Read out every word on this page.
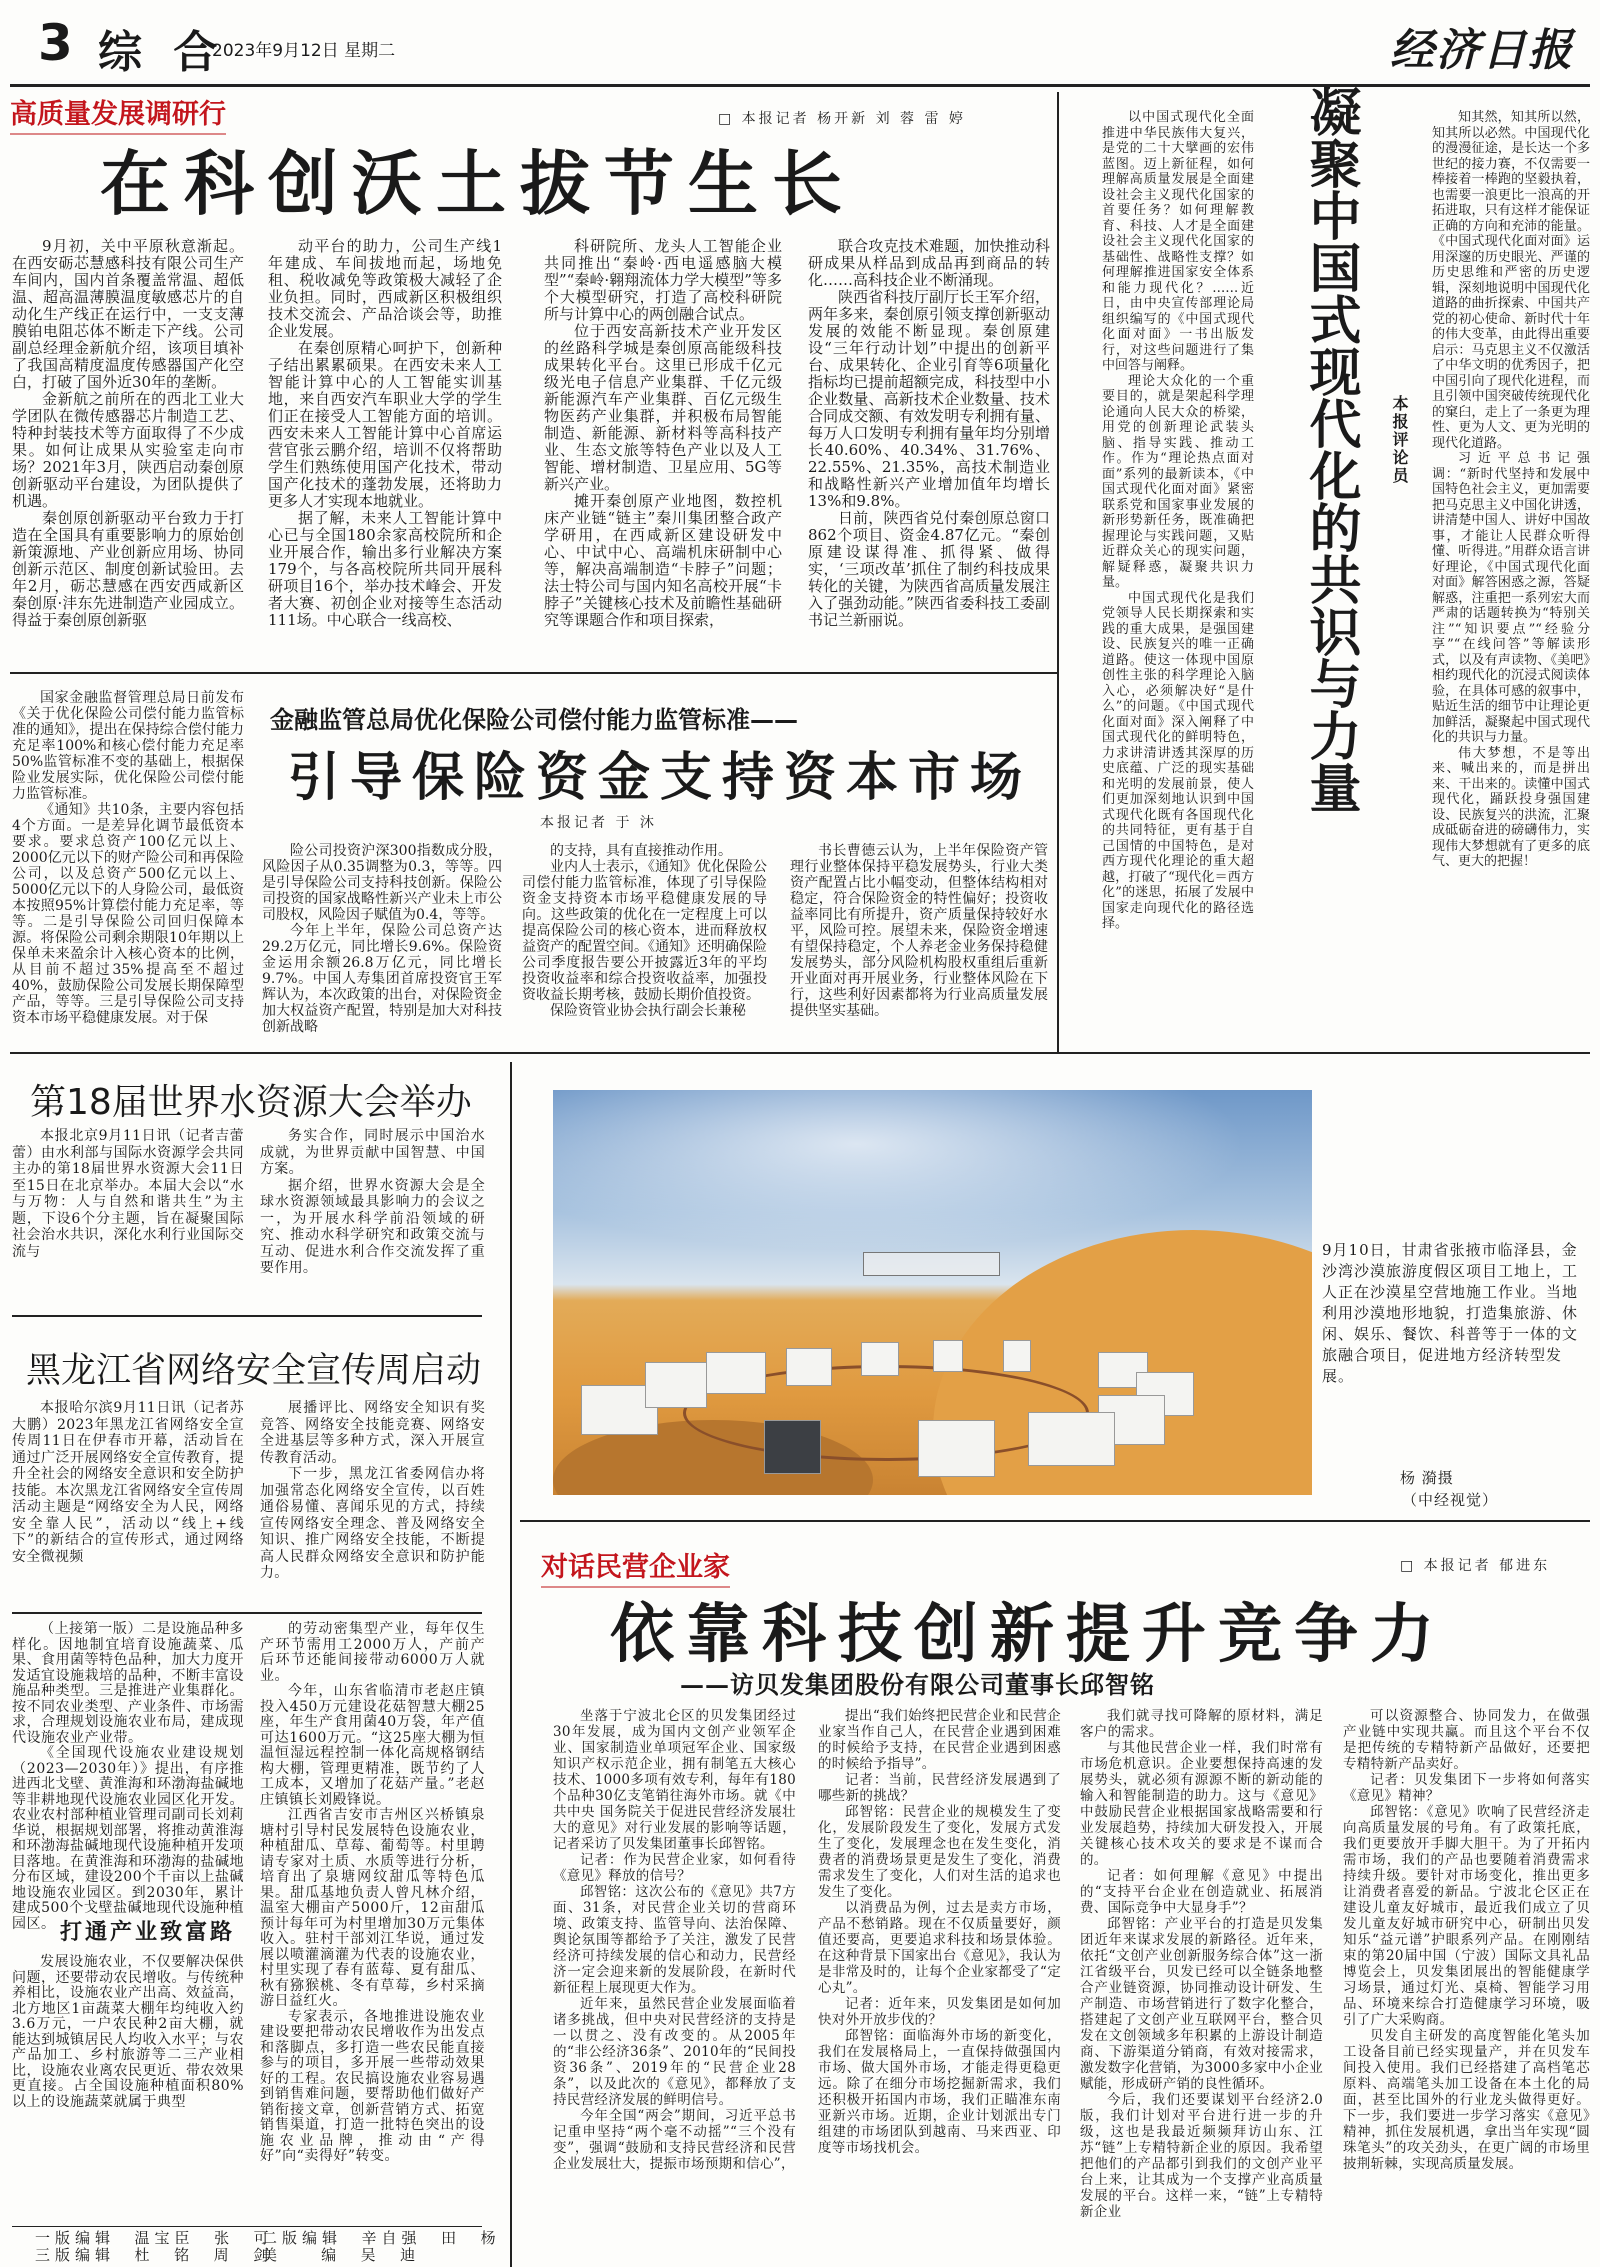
3 综 合
2023年9月12日 星期二	经济日报
高质量发展调研行	□ 本报记者 杨开新 刘 蓉 雷 婷
在科创沃土拔节生长

9月初，关中平原秋意渐起。在西安砺芯慧感科技有限公司生产车间内，国内首条覆盖常温、超低温、超高温薄膜温度敏感芯片的自动化生产线正在运行中，一支支薄膜铂电阻芯体不断走下产线。公司副总经理金新航介绍，该项目填补了我国高精度温度传感器国产化空白，打破了国外近30年的垄断。

金新航之前所在的西北工业大学团队在微传感器芯片制造工艺、特种封装技术等方面取得了不少成果。如何让成果从实验室走向市场？2021年3月，陕西启动秦创原创新驱动平台建设，为团队提供了机遇。

秦创原创新驱动平台致力于打造在全国具有重要影响力的原始创新策源地、产业创新应用场、协同创新示范区、制度创新试验田。去年2月，砺芯慧感在西安西咸新区秦创原·沣东先进制造产业园成立。得益于秦创原创新驱

动平台的助力，公司生产线1年建成、车间拔地而起，场地免租、税收减免等政策极大减轻了企业负担。同时，西咸新区积极组织技术交流会、产品洽谈会等，助推企业发展。

在秦创原精心呵护下，创新种子结出累累硕果。在西安未来人工智能计算中心的人工智能实训基地，来自西安汽车职业大学的学生们正在接受人工智能方面的培训。西安未来人工智能计算中心首席运营官张云鹏介绍，培训不仅将帮助学生们熟练使用国产化技术，带动国产化技术的蓬勃发展，还将助力更多人才实现本地就业。

据了解，未来人工智能计算中心已与全国180余家高校院所和企业开展合作，输出多行业解决方案179个，与各高校院所共同开展科研项目16个，举办技术峰会、开发者大赛、初创企业对接等生态活动111场。中心联合一线高校、

科研院所、龙头人工智能企业共同推出“秦岭·西电遥感脑大模型”“秦岭·翱翔流体力学大模型”等多个大模型研究，打造了高校科研院所与计算中心的两创融合试点。

位于西安高新技术产业开发区的丝路科学城是秦创原高能级科技成果转化平台。这里已形成千亿元级光电子信息产业集群、千亿元级新能源汽车产业集群、百亿元级生物医药产业集群，并积极布局智能制造、新能源、新材料等高科技产业、生态文旅等特色产业以及人工智能、增材制造、卫星应用、5G等新兴产业。

摊开秦创原产业地图，数控机床产业链“链主”秦川集团整合政产学研用，在西咸新区建设研发中心、中试中心、高端机床研制中心等，解决高端制造“卡脖子”问题；法士特公司与国内知名高校开展“卡脖子”关键核心技术及前瞻性基础研究等课题合作和项目探索，

联合攻克技术难题，加快推动科研成果从样品到成品再到商品的转化……高科技企业不断涌现。

陕西省科技厅副厅长王军介绍，两年多来，秦创原引领支撑创新驱动发展的效能不断显现。秦创原建设“三年行动计划”中提出的创新平台、成果转化、企业引育等6项量化指标均已提前超额完成，科技型中小企业数量、高新技术企业数量、技术合同成交额、有效发明专利拥有量、每万人口发明专利拥有量年均分别增长40.60%、40.34%、31.76%、22.55%、21.35%，高技术制造业和战略性新兴产业增加值年均增长13%和9.8%。

日前，陕西省兑付秦创原总窗口862个项目、资金4.87亿元。“秦创原建设谋得准、抓得紧、做得实，‘三项改革’抓住了制约科技成果转化的关键，为陕西省高质量发展注入了强劲动能。”陕西省委科技工委副书记兰新丽说。

以中国式现代化全面推进中华民族伟大复兴，是党的二十大擘画的宏伟蓝图。迈上新征程，如何理解高质量发展是全面建设社会主义现代化国家的首要任务？如何理解教育、科技、人才是全面建设社会主义现代化国家的基础性、战略性支撑？如何理解推进国家安全体系和能力现代化？……近日，由中央宣传部理论局组织编写的《中国式现代化面对面》一书出版发行，对这些问题进行了集中回答与阐释。

理论大众化的一个重要目的，就是架起科学理论通向人民大众的桥梁，用党的创新理论武装头脑、指导实践、推动工作。作为“理论热点面对面”系列的最新读本，《中国式现代化面对面》紧密联系党和国家事业发展的新形势新任务，既准确把握理论与实践问题，又贴近群众关心的现实问题，解疑释惑，凝聚共识力量。

中国式现代化是我们党领导人民长期探索和实践的重大成果，是强国建设、民族复兴的唯一正确道路。使这一体现中国原创性主张的科学理论入脑入心，必须解决好“是什么”的问题。《中国式现代化面对面》深入阐释了中国式现代化的鲜明特色，力求讲清讲透其深厚的历史底蕴、广泛的现实基础和光明的发展前景，使人们更加深刻地认识到中国式现代化既有各国现代化的共同特征，更有基于自己国情的中国特色，是对西方现代化理论的重大超越，打破了“现代化＝西方化”的迷思，拓展了发展中国家走向现代化的路径选择。

凝聚中国式现代化的共识与力量 本报评论员

知其然，知其所以然，知其所以必然。中国现代化的漫漫征途，是长达一个多世纪的接力赛，不仅需要一棒接着一棒跑的坚毅执着，也需要一浪更比一浪高的开拓进取，只有这样才能保证正确的方向和充沛的能量。《中国式现代化面对面》运用深邃的历史眼光、严谨的历史思维和严密的历史逻辑，深刻地说明中国现代化道路的曲折探索、中国共产党的初心使命、新时代十年的伟大变革，由此得出重要启示：马克思主义不仅激活了中华文明的优秀因子，把中国引向了现代化进程，而且引领中国突破传统现代化的窠臼，走上了一条更为理性、更为人文、更为光明的现代化道路。

习近平总书记强调：“新时代坚持和发展中国特色社会主义，更加需要把马克思主义中国化讲透，讲清楚中国人、讲好中国故事，才能让人民群众听得懂、听得进。”用群众语言讲好理论，《中国式现代化面对面》解答困惑之源，答疑解惑，注重把一系列宏大而严肃的话题转换为“特别关注”“知识要点”“经验分享”“在线问答”等解读形式，以及有声读物、《美吧》相约现代化的沉浸式阅读体验，在具体可感的叙事中，贴近生活的细节中让理论更加鲜活，凝聚起中国式现代化的共识与力量。

伟大梦想，不是等出来、喊出来的，而是拼出来、干出来的。读懂中国式现代化，踊跃投身强国建设、民族复兴的洪流，汇聚成砥砺奋进的磅礴伟力，实现伟大梦想就有了更多的底气、更大的把握！

国家金融监督管理总局日前发布《关于优化保险公司偿付能力监管标准的通知》，提出在保持综合偿付能力充足率100%和核心偿付能力充足率50%监管标准不变的基础上，根据保险业发展实际，优化保险公司偿付能力监管标准。

《通知》共10条，主要内容包括4个方面。一是差异化调节最低资本要求。要求总资产100亿元以上、2000亿元以下的财产险公司和再保险公司，以及总资产500亿元以上、5000亿元以下的人身险公司，最低资本按照95%计算偿付能力充足率，等等。二是引导保险公司回归保障本源。将保险公司剩余期限10年期以上保单未来盈余计入核心资本的比例，从目前不超过35%提高至不超过40%，鼓励保险公司发展长期保障型产品，等等。三是引导保险公司支持资本市场平稳健康发展。对于保

金融监管总局优化保险公司偿付能力监管标准——
引导保险资金支持资本市场
本报记者 于 沐

险公司投资沪深300指数成分股，风险因子从0.35调整为0.3，等等。四是引导保险公司支持科技创新。保险公司投资的国家战略性新兴产业未上市公司股权，风险因子赋值为0.4，等等。

今年上半年，保险公司总资产达29.2万亿元，同比增长9.6%。保险资金运用余额26.8万亿元，同比增长9.7%。中国人寿集团首席投资官王军辉认为，本次政策的出台，对保险资金加大权益资产配置，特别是加大对科技创新战略

的支持，具有直接推动作用。

业内人士表示，《通知》优化保险公司偿付能力监管标准，体现了引导保险资金支持资本市场平稳健康发展的导向。这些政策的优化在一定程度上可以提高保险公司的核心资本，进而释放权益资产的配置空间。《通知》还明确保险公司季度报告要公开披露近3年的平均投资收益率和综合投资收益率，加强投资收益长期考核，鼓励长期价值投资。

保险资管业协会执行副会长兼秘

书长曹德云认为，上半年保险资产管理行业整体保持平稳发展势头，行业大类资产配置占比小幅变动，但整体结构相对稳定，符合保险资金的特性偏好；投资收益率同比有所提升，资产质量保持较好水平，风险可控。展望未来，保险资金增速有望保持稳定，个人养老金业务保持稳健发展势头，部分风险机构股权重组后重新开业面对再开展业务，行业整体风险在下行，这些利好因素都将为行业高质量发展提供坚实基础。

第18届世界水资源大会举办

本报北京9月11日讯（记者吉蕾蕾）由水利部与国际水资源学会共同主办的第18届世界水资源大会11日至15日在北京举办。本届大会以“水与万物：人与自然和谐共生”为主题，下设6个分主题，旨在凝聚国际社会治水共识，深化水利行业国际交流与

务实合作，同时展示中国治水成就，为世界贡献中国智慧、中国方案。

据介绍，世界水资源大会是全球水资源领域最具影响力的会议之一，为开展水科学前沿领域的研究、推动水科学研究和政策交流与互动、促进水利合作交流发挥了重要作用。

黑龙江省网络安全宣传周启动

本报哈尔滨9月11日讯（记者苏大鹏）2023年黑龙江省网络安全宣传周11日在伊春市开幕，活动旨在通过广泛开展网络安全宣传教育，提升全社会的网络安全意识和安全防护技能。本次黑龙江省网络安全宣传周活动主题是“网络安全为人民，网络安全靠人民”，活动以“线上+线下”的新结合的宣传形式，通过网络安全微视频

展播评比、网络安全知识有奖竞答、网络安全技能竞赛、网络安全进基层等多种方式，深入开展宣传教育活动。

下一步，黑龙江省委网信办将加强常态化网络安全宣传，以百姓通俗易懂、喜闻乐见的方式，持续宣传网络安全理念、普及网络安全知识、推广网络安全技能，不断提高人民群众网络安全意识和防护能力。

9月10日，甘肃省张掖市临泽县，金沙湾沙漠旅游度假区项目工地上，工人正在沙漠星空营地施工作业。当地利用沙漠地形地貌，打造集旅游、休闲、娱乐、餐饮、科普等于一体的文旅融合项目，促进地方经济转型发展。
杨 漪摄
（中经视觉）

（上接第一版）二是设施品种多样化。因地制宜培育设施蔬菜、瓜果、食用菌等特色品种，加大力度开发适宜设施栽培的品种，不断丰富设施品种类型。三是推进产业集群化。按不同农业类型、产业条件、市场需求，合理规划设施农业布局，建成现代设施农业产业带。

《全国现代设施农业建设规划（2023—2030年）》提出，有序推进西北戈壁、黄淮海和环渤海盐碱地等非耕地现代设施农业园区化开发。农业农村部种植业管理司副司长刘莉华说，根据规划部署，将推动黄淮海和环渤海盐碱地现代设施种植开发项目落地。在黄淮海和环渤海的盐碱地分布区域，建设200个千亩以上盐碱地设施农业园区。到2030年，累计建成500个戈壁盐碱地现代设施种植园区。 打通产业致富路

发展设施农业，不仅要解决保供问题，还要带动农民增收。与传统种养相比，设施农业产出高、效益高，北方地区1亩蔬菜大棚年均纯收入约3.6万元，一户农民种2亩大棚，就能达到城镇居民人均收入水平；与农产品加工、乡村旅游等二三产业相比，设施农业离农民更近、带农效果更直接。占全国设施种植面积80%以上的设施蔬菜就属于典型

的劳动密集型产业，每年仅生产环节需用工2000万人，产前产后环节还能间接带动6000万人就业。

今年，山东省临清市老赵庄镇投入450万元建设花菇智慧大棚25座，年生产食用菌40万袋，年产值可达1600万元。“这25座大棚为恒温恒湿远程控制一体化高规格钢结构大棚，管理更精准，既节约了人工成本，又增加了花菇产量。”老赵庄镇镇长刘殿锋说。

江西省吉安市吉州区兴桥镇泉塘村引导村民发展特色设施农业，种植甜瓜、草莓、葡萄等。村里聘请专家对土质、水质等进行分析，培育出了泉塘网纹甜瓜等特色瓜果。甜瓜基地负责人曾凡林介绍，温室大棚亩产5000斤，12亩甜瓜预计每年可为村里增加30万元集体收入。驻村干部刘江华说，通过发展以喷灌滴灌为代表的设施农业，村里实现了春有蓝莓、夏有甜瓜、秋有猕猴桃、冬有草莓，乡村采摘游日益红火。

专家表示，各地推进设施农业建设要把带动农民增收作为出发点和落脚点，多打造一些农民能直接参与的项目，多开展一些带动效果好的工程。农民搞设施农业容易遇到销售难问题，要帮助他们做好产销衔接文章，创新营销方式、拓宽销售渠道，打造一批特色突出的设施农业品牌，推动由“产得好”向“卖得好”转变。

一版编辑  温宝臣  张  可
三版编辑  杜  铭  周  剑
二版编辑  辛自强  田  杨
美    编  吴  迪
对话民营企业家	□ 本报记者 郁进东
依靠科技创新提升竞争力
——访贝发集团股份有限公司董事长邱智铭

坐落于宁波北仑区的贝发集团经过30年发展，成为国内文创产业领军企业、国家制造业单项冠军企业、国家级知识产权示范企业，拥有制笔五大核心技术、1000多项有效专利，每年有180个品种30亿支笔销往海外市场。就《中共中央 国务院关于促进民营经济发展壮大的意见》对行业发展的影响等话题，记者采访了贝发集团董事长邱智铭。

记者：作为民营企业家，如何看待《意见》释放的信号？

邱智铭：这次公布的《意见》共7方面、31条，对民营企业关切的营商环境、政策支持、监管导向、法治保障、舆论氛围等都给予了关注，激发了民营经济可持续发展的信心和动力，民营经济一定会迎来新的发展阶段，在新时代新征程上展现更大作为。

近年来，虽然民营企业发展面临着诸多挑战，但中央对民营经济的支持是一以贯之、没有改变的。从2005年的“非公经济36条”、2010年的“民间投资36条”、2019年的“民营企业28条”，以及此次的《意见》，都释放了支持民营经济发展的鲜明信号。

今年全国“两会”期间，习近平总书记重申坚持“两个毫不动摇”“三个没有变”，强调“鼓励和支持民营经济和民营企业发展壮大，提振市场预期和信心”，

提出“我们始终把民营企业和民营企业家当作自己人，在民营企业遇到困难的时候给予支持，在民营企业遇到困惑的时候给予指导”。

记者：当前，民营经济发展遇到了哪些新的挑战？

邱智铭：民营企业的规模发生了变化，发展阶段发生了变化，发展方式发生了变化，发展理念也在发生变化，消费者的消费场景更是发生了变化，消费需求发生了变化，人们对生活的追求也发生了变化。

以消费品为例，过去是卖方市场，产品不愁销路。现在不仅质量要好，颜值还要高，更要追求科技和场景体验。在这种背景下国家出台《意见》，我认为是非常及时的，让每个企业家都受了“定心丸”。

记者：近年来，贝发集团是如何加快对外开放步伐的？

邱智铭：面临海外市场的新变化，我们在发展格局上，一直保持做强国内市场、做大国外市场，才能走得更稳更远。除了在细分市场挖掘新需求，我们还积极开拓国内市场，我们正瞄准东南亚新兴市场。近期，企业计划派出专门组建的市场团队到越南、马来西亚、印度等市场找机会。

我们就寻找可降解的原材料，满足客户的需求。

与其他民营企业一样，我们时常有市场危机意识。企业要想保持高速的发展势头，就必须有源源不断的新动能的输入和智能制造的助力。这与《意见》中鼓励民营企业根据国家战略需要和行业发展趋势，持续加大研发投入，开展关键核心技术攻关的要求是不谋而合的。

记者：如何理解《意见》中提出的“支持平台企业在创造就业、拓展消费、国际竞争中大显身手”？

邱智铭：产业平台的打造是贝发集团近年来谋求发展的新路径。近年来，依托“文创产业创新服务综合体”这一浙江省级平台，贝发已经可以全链条地整合产业链资源，协同推动设计研发、生产制造、市场营销进行了数字化整合，搭建起了文创产业互联网平台，整合贝发在文创领域多年积累的上游设计制造商、下游渠道分销商，有效对接需求，激发数字化营销，为3000多家中小企业赋能，形成研产销的良性循环。

今后，我们还要谋划平台经济2.0版，我们计划对平台进行进一步的升级，这也是我最近频频拜访山东、江苏“链”上专精特新企业的原因。我希望把他们的产品都引到我们的文创产业平台上来，让其成为一个支撑产业高质量发展的平台。这样一来，“链”上专精特新企业

可以资源整合、协同发力，在做强产业链中实现共赢。而且这个平台不仅是把传统的专精特新产品做好，还要把专精特新产品卖好。

记者：贝发集团下一步将如何落实《意见》精神？

邱智铭：《意见》吹响了民营经济走向高质量发展的号角。有了政策托底，我们更要放开手脚大胆干。为了开拓内需市场，我们的产品也要随着消费需求持续升级。要针对市场变化，推出更多让消费者喜爱的新品。宁波北仑区正在建设儿童友好城市，最近我们成立了贝发儿童友好城市研究中心，研制出贝发知乐“益元谱”护眼系列产品。在刚刚结束的第20届中国（宁波）国际文具礼品博览会上，贝发集团展出的智能健康学习场景，通过灯光、桌椅、智能学习用品、环境来综合打造健康学习环境，吸引了广大采购商。

贝发自主研发的高度智能化笔头加工设备目前已经实现量产，并在贝发车间投入使用。我们已经搭建了高档笔芯原料、高端笔头加工设备在本土化的局面，甚至比国外的行业龙头做得更好。下一步，我们要进一步学习落实《意见》精神，抓住发展机遇，拿出当年实现“圆珠笔头”的攻关劲头，在更广阔的市场里披荆斩棘，实现高质量发展。
